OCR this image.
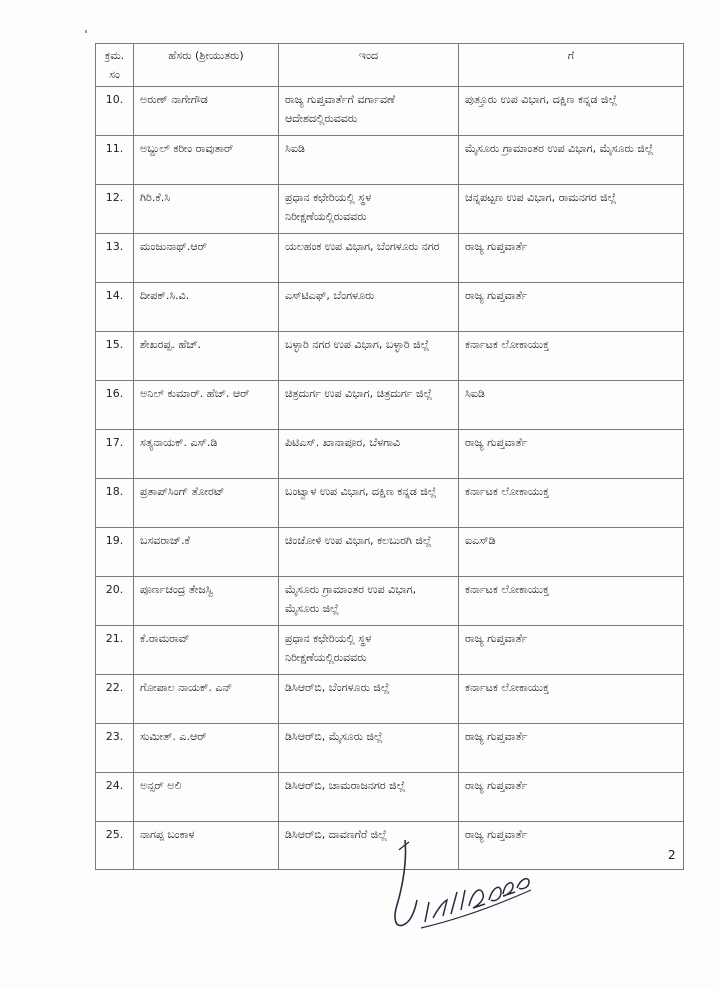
ಕ್ರಮ. ಸಂ	ಹೆಸರು (ಶ್ರೀಯುತರು)	ಇಂದ	ಗೆ
10.	ಅರುಣ್ ನಾಗೇಗೌಡ	ರಾಜ್ಯ ಗುಪ್ತವಾರ್ತೆಗೆ ವರ್ಗಾವಣೆ ಆದೇಶದಲ್ಲಿರುವವರು	ಪುತ್ತೂರು ಉಪ ವಿಭಾಗ, ದಕ್ಷಿಣ ಕನ್ನಡ ಜಿಲ್ಲೆ
11.	ಅಬ್ದುಲ್ ಕರೀಂ ರಾವುತಾರ್	ಸಿಐಡಿ	ಮೈಸೂರು ಗ್ರಾಮಾಂತರ ಉಪ ವಿಭಾಗ, ಮೈಸೂರು ಜಿಲ್ಲೆ
12.	ಗಿರಿ.ಕೆ.ಸಿ	ಪ್ರಧಾನ ಕಛೇರಿಯಲ್ಲಿ ಸ್ಥಳ ನಿರೀಕ್ಷಣೆಯಲ್ಲಿರುವವರು	ಚನ್ನಪಟ್ಟಣ ಉಪ ವಿಭಾಗ, ರಾಮನಗರ ಜಿಲ್ಲೆ
13.	ಮಂಜುನಾಥ್.ಆರ್	ಯಲಹಂಕ ಉಪ ವಿಭಾಗ, ಬೆಂಗಳೂರು ನಗರ	ರಾಜ್ಯ ಗುಪ್ತವಾರ್ತೆ
14.	ದೀಪಕ್.ಸಿ.ವಿ.	ಎಸ್‌ಟಿಎಫ್, ಬೆಂಗಳೂರು	ರಾಜ್ಯ ಗುಪ್ತವಾರ್ತೆ
15.	ಶೇಖರಪ್ಪ. ಹೆಚ್.	ಬಳ್ಳಾರಿ ನಗರ ಉಪ ವಿಭಾಗ, ಬಳ್ಳಾರಿ ಜಿಲ್ಲೆ	ಕರ್ನಾಟಕ ಲೋಕಾಯುಕ್ತ
16.	ಅನಿಲ್ ಕುಮಾರ್. ಹೆಚ್. ಆರ್	ಚಿತ್ರದುರ್ಗ ಉಪ ವಿಭಾಗ, ಚಿತ್ರದುರ್ಗ ಜಿಲ್ಲೆ	ಸಿಐಡಿ
17.	ಸತ್ಯನಾಯಕ್. ಎಸ್.ಡಿ	ಪಿಟಿಎಸ್. ಖಾನಾಪೂರ, ಬೆಳಗಾವಿ	ರಾಜ್ಯ ಗುಪ್ತವಾರ್ತೆ
18.	ಪ್ರತಾಪ್‌ಸಿಂಗ್ ತೋರಟ್	ಬಂಟ್ವಾಳ ಉಪ ವಿಭಾಗ, ದಕ್ಷಿಣ ಕನ್ನಡ ಜಿಲ್ಲೆ	ಕರ್ನಾಟಕ ಲೋಕಾಯುಕ್ತ
19.	ಬಸವರಾಜ್.ಕೆ	ಚಿಂಚೋಳಿ ಉಪ ವಿಭಾಗ, ಕಲಬುರಗಿ ಜಿಲ್ಲೆ	ಐಎಸ್‌ಡಿ
20.	ಪೂರ್ಣಚಂದ್ರ ತೇಜಸ್ವಿ	ಮೈಸೂರು ಗ್ರಾಮಾಂತರ ಉಪ ವಿಭಾಗ, ಮೈಸೂರು ಜಿಲ್ಲೆ	ಕರ್ನಾಟಕ ಲೋಕಾಯುಕ್ತ
21.	ಕೆ.ರಾಮರಾವ್	ಪ್ರಧಾನ ಕಛೇರಿಯಲ್ಲಿ ಸ್ಥಳ ನಿರೀಕ್ಷಣೆಯಲ್ಲಿರುವವರು	ರಾಜ್ಯ ಗುಪ್ತವಾರ್ತೆ
22.	ಗೋಪಾಲ ನಾಯಕ್. ಎನ್	ಡಿಸಿಆರ್‌ಬಿ, ಬೆಂಗಳೂರು ಜಿಲ್ಲೆ	ಕರ್ನಾಟಕ ಲೋಕಾಯುಕ್ತ
23.	ಸುಮೀತ್. ಎ.ಆರ್	ಡಿಸಿಆರ್‌ಬಿ, ಮೈಸೂರು ಜಿಲ್ಲೆ	ರಾಜ್ಯ ಗುಪ್ತವಾರ್ತೆ
24.	ಅನ್ಸರ್ ಅಲಿ	ಡಿಸಿಆರ್‌ಬಿ, ಚಾಮರಾಜನಗರ ಜಿಲ್ಲೆ	ರಾಜ್ಯ ಗುಪ್ತವಾರ್ತೆ
25.	ನಾಗಪ್ಪ ಬಂಕಾಳ	ಡಿಸಿಆರ್‌ಬಿ, ದಾವಣಗೆರೆ ಜಿಲ್ಲೆ	ರಾಜ್ಯ ಗುಪ್ತವಾರ್ತೆ
2
